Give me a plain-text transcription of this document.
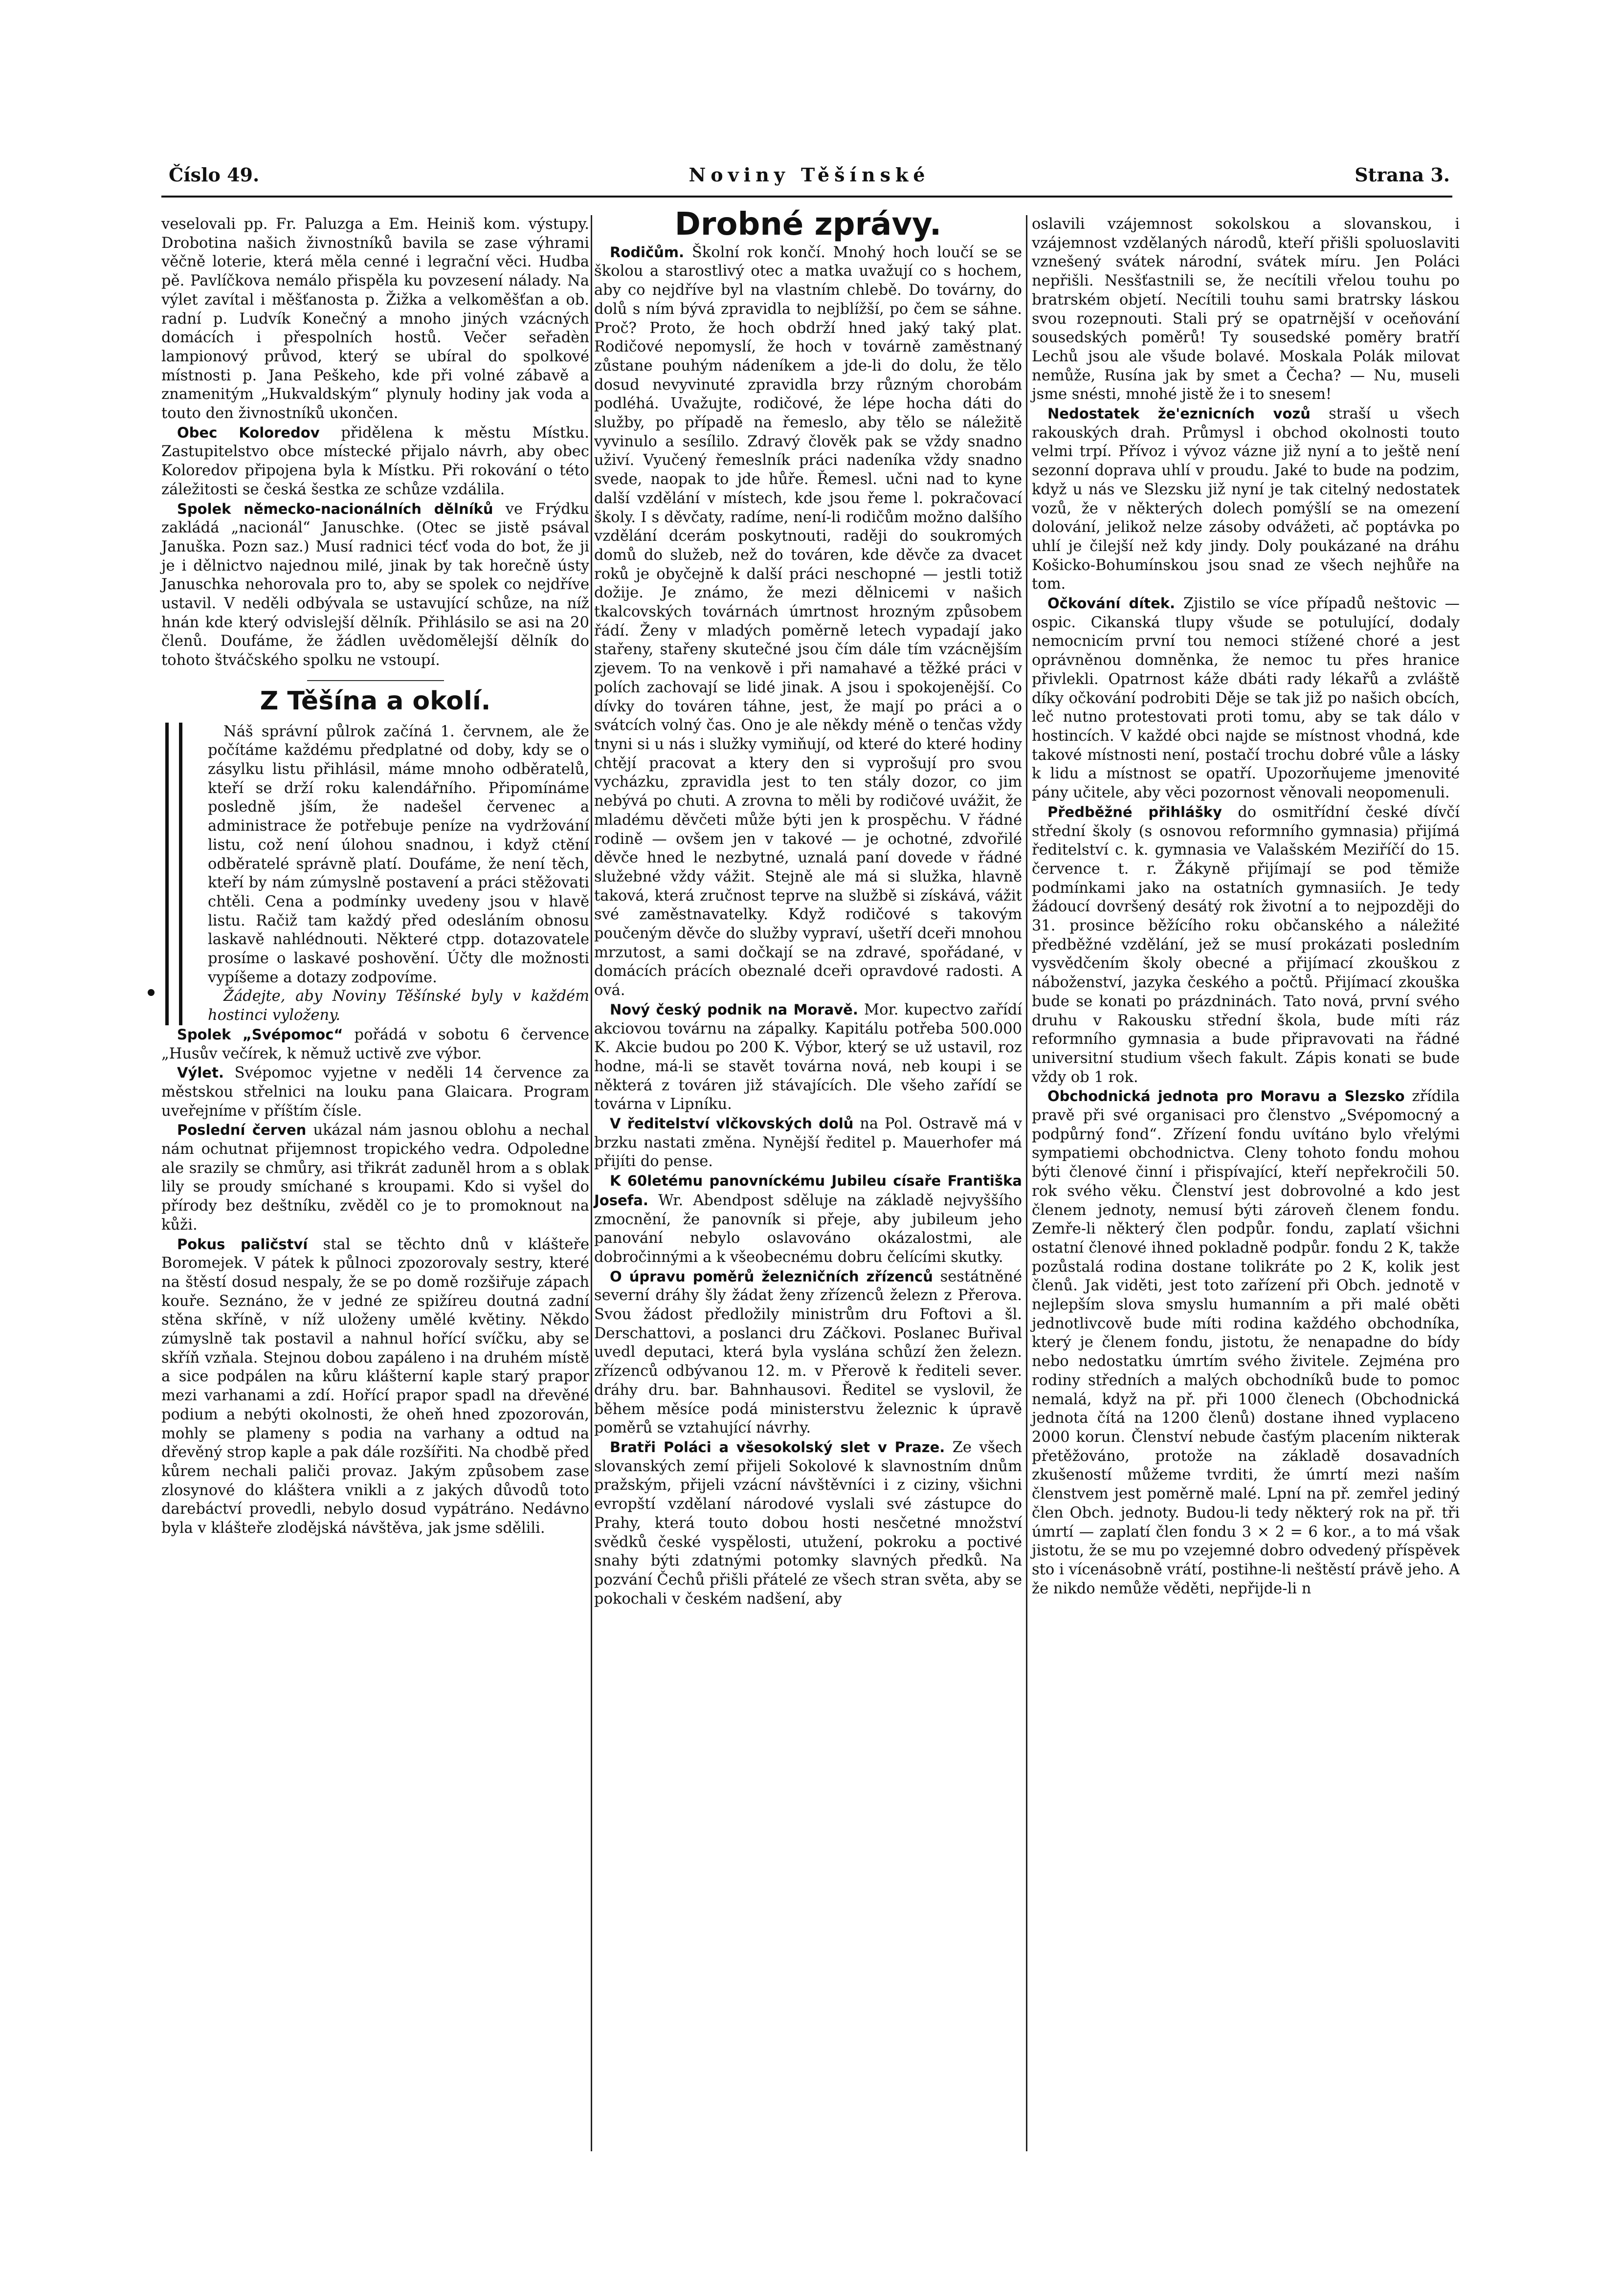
Číslo 49.	Noviny Těšínské	Strana 3.

veselovali pp. Fr. Paluzga a Em. Heiniš kom. výstupy. Drobotina našich živnostníků bavila se zase výhrami věčně loterie, která měla cenné i legrační věci. Hudba pě. Pavlíčkova nemálo přispěla ku povzesení nálady. Na výlet zavítal i měšťanosta p. Žižka a velkoměšťan a ob. radní p. Ludvík Konečný a mnoho jiných vzácných domácích i přespolních hostů. Večer seřadèn lampionový průvod, který se ubíral do spolkové místnosti p. Jana Peškeho, kde při volné zábavě a znamenitým „Hukvaldským“ plynuly hodiny jak voda a touto den živnostníků ukončen.

Obec Koloredov přidělena k městu Místku. Zastupitelstvo obce místecké přijalo návrh, aby obec Koloredov připojena byla k Místku. Při rokování o této záležitosti se česká šestka ze schůze vzdálila.

Spolek německo-nacionálních dělníků ve Frýdku zakládá „nacionál“ Januschke. (Otec se jistě psával Januška. Pozn saz.) Musí radnici técť voda do bot, že ji je i dělnictvo najednou milé, jinak by tak horečně ústy Januschka nehorovala pro to, aby se spolek co nejdříve ustavil. V neděli odbývala se ustavující schůze, na níž hnán kde který odvislejší dělník. Přihlásilo se asi na 20 členů. Doufáme, že žádlen uvědomělejší dělník do tohoto štváčského spolku ne vstoupí.

Z Těšína a okolí.

Náš správní půlrok začíná 1. červnem, ale že počítáme každému předplatné od doby, kdy se o zásylku listu přihlásil, máme mnoho odběratelů, kteří se drží roku kalendářního. Připomínáme posledně jším, že nadešel červenec a administrace že potřebuje peníze na vydržování listu, což není úlohou snadnou, i když ctění odběratelé správně platí. Doufáme, že není těch, kteří by nám zúmyslně postavení a práci stěžovati chtěli. Cena a podmínky uvedeny jsou v hlavě listu. Račiž tam každý před odesláním obnosu laskavě nahlédnouti. Některé ctpp. dotazovatele prosíme o laskavé poshovění. Účty dle možnosti vypíšeme a dotazy zodpovíme.

Žádejte, aby Noviny Těšínské byly v každém hostinci vyloženy.

Spolek „Svépomoc“ pořádá v sobotu 6 července „Husův večírek, k němuž uctivě zve výbor.

Výlet. Svépomoc vyjetne v neděli 14 července za městskou střelnici na louku pana Glaicara. Program uveřejníme v příštím čísle.

Poslední červen ukázal nám jasnou oblohu a nechal nám ochutnat přijemnost tropického vedra. Odpoledne ale srazily se chmůry, asi třikrát zaduněl hrom a s oblak lily se proudy smíchané s kroupami. Kdo si vyšel do přírody bez deštníku, zvěděl co je to promoknout na kůži.

Pokus paličství stal se těchto dnů v klášteře Boromejek. V pátek k půlnoci zpozorovaly sestry, které na štěstí dosud nespaly, že se po domě rozšiřuje zápach kouře. Seznáno, že v jedné ze spižíreu doutná zadní stěna skříně, v níž uloženy umělé květiny. Někdo zúmyslně tak postavil a nahnul hořící svíčku, aby se skříň vzňala. Stejnou dobou zapáleno i na druhém místě a sice podpálen na kůru klášterní kaple starý prapor mezi varhanami a zdí. Hořící prapor spadl na dřevěné podium a nebýti okolnosti, že oheň hned zpozorován, mohly se plameny s podia na varhany a odtud na dřevěný strop kaple a pak dále rozšířiti. Na chodbě před kůrem nechali paliči provaz. Jakým způsobem zase zlosynové do kláštera vnikli a z jakých důvodů toto darebáctví provedli, nebylo dosud vypátráno. Nedávno byla v klášteře zlodějská návštěva, jak jsme sdělili.

Drobné zprávy.

Rodičům. Školní rok končí. Mnohý hoch loučí se se školou a starostlivý otec a matka uvažují co s hochem, aby co nejdříve byl na vlastním chlebě. Do továrny, do dolů s ním bývá zpravidla to nejblížší, po čem se sáhne. Proč? Proto, že hoch obdrží hned jaký taký plat. Rodičové nepomyslí, že hoch v továrně zaměstnaný zůstane pouhým nádeníkem a jde-li do dolu, že tělo dosud nevyvinuté zpravidla brzy různým chorobám podléhá. Uvažujte, rodičové, že lépe hocha dáti do služby, po případě na řemeslo, aby tělo se náležitě vyvinulo a sesílilo. Zdravý člověk pak se vždy snadno uživí. Vyučený řemeslník práci nadeníka vždy snadno svede, naopak to jde hůře. Řemesl. učni nad to kyne další vzdělání v místech, kde jsou řeme l. pokračovací školy. I s děvčaty, radíme, není-li rodičům možno dalšího vzdělání dcerám poskytnouti, raději do soukromých domů do služeb, než do továren, kde děvče za dvacet roků je obyčejně k další práci neschopné — jestli totiž dožije. Je známo, že mezi dělnicemi v našich tkalcovských továrnách úmrtnost hrozným způsobem řádí. Ženy v mladých poměrně letech vypadají jako stařeny, stařeny skutečné jsou čím dále tím vzácnějším zjevem. To na venkově i při namahavé a těžké práci v polích zachovají se lidé jinak. A jsou i spokojenější. Co dívky do továren táhne, jest, že mají po práci a o svátcích volný čas. Ono je ale někdy méně o tenčas vždy tnyni si u nás i služky vymiňují, od které do které hodiny chtějí pracovat a ktery den si vyprošují pro svou vycházku, zpravidla jest to ten stály dozor, co jim nebývá po chuti. A zrovna to měli by rodičové uvážit, že mladému děvčeti může býti jen k prospěchu. V řádné rodině — ovšem jen v takové — je ochotné, zdvořilé děvče hned le nezbytné, uznalá paní dovede v řádné služebné vždy vážit. Stejně ale má si služka, hlavně taková, která zručnost teprve na službě si získává, vážit své zaměstnavatelky. Když rodičové s takovým poučeným děvče do služby vypraví, ušetří dceři mnohou mrzutost, a sami dočkají se na zdravé, spořádané, v domácích prácích obeznalé dceři opravdové radosti. A ová.

Nový český podnik na Moravě. Mor. kupectvo zařídí akciovou továrnu na zápalky. Kapitálu potřeba 500.000 K. Akcie budou po 200 K. Výbor, který se už ustavil, roz hodne, má-li se stavět továrna nová, neb koupi i se některá z továren již stávajících. Dle všeho zařídí se továrna v Lipníku.

V ředitelství vlčkovských dolů na Pol. Ostravě má v brzku nastati změna. Nynější ředitel p. Mauerhofer má přijíti do pense.

K 60letému panovníckému Jubileu císaře Františka Josefa. Wr. Abendpost sděluje na základě nejvyššího zmocnění, že panovník si přeje, aby jubileum jeho panování nebylo oslavováno okázalostmi, ale dobročinnými a k všeobecnému dobru čelícími skutky.

O úpravu poměrů železničních zřízenců sestátněné severní dráhy šly žádat ženy zřízenců železn z Přerova. Svou žádost předložily ministrům dru Foftovi a šl. Derschattovi, a poslanci dru Záčkovi. Poslanec Buřival uvedl deputaci, která byla vyslána schůzí žen železn. zřízenců odbývanou 12. m. v Přerově k řediteli sever. dráhy dru. bar. Bahnhausovi. Ředitel se vyslovil, že během měsíce podá ministerstvu železnic k úpravě poměrů se vztahující návrhy.

Bratři Poláci a všesokolský slet v Praze. Ze všech slovanských zemí přijeli Sokolové k slavnostním dnům pražským, přijeli vzácní návštěvníci i z ciziny, všichni evropští vzdělaní národové vyslali své zástupce do Prahy, která touto dobou hosti nesčetné množství svědků české vyspělosti, utužení, pokroku a poctivé snahy býti zdatnými potomky slavných předků. Na pozvání Čechů přišli přátelé ze všech stran světa, aby se pokochali v českém nadšení, aby

oslavili vzájemnost sokolskou a slovanskou, i vzájemnost vzdělaných národů, kteří přišli spoluoslaviti vznešený svátek národní, svátek míru. Jen Poláci nepřišli. Nesšťastnili se, že necítili vřelou touhu po bratrském objetí. Necítili touhu sami bratrsky láskou svou rozepnouti. Stali prý se opatrnější v oceňování sousedských poměrů! Ty sousedské poměry bratří Lechů jsou ale všude bolavé. Moskala Polák milovat nemůže, Rusína jak by smet a Čecha? — Nu, museli jsme snésti, mnohé jistě že i to snesem!

Nedostatek že'eznicních vozů straší u všech rakouských drah. Průmysl i obchod okolnosti touto velmi trpí. Přívoz i vývoz vázne již nyní a to ještě není sezonní doprava uhlí v proudu. Jaké to bude na podzim, když u nás ve Slezsku již nyní je tak citelný nedostatek vozů, že v některých dolech pomýšlí se na omezení dolování, jelikož nelze zásoby odvážeti, ač poptávka po uhlí je čilejší než kdy jindy. Doly poukázané na dráhu Košicko-Bohumínskou jsou snad ze všech nejhůře na tom.

Očkování dítek. Zjistilo se více případů neštovic — ospic. Cikanská tlupy všude se potulující, dodaly nemocnicím první tou nemoci stížené choré a jest oprávněnou domněnka, že nemoc tu přes hranice přivlekli. Opatrnost káže dbáti rady lékařů a zvláště díky očkování podrobiti Děje se tak již po našich obcích, leč nutno protestovati proti tomu, aby se tak dálo v hostincích. V každé obci najde se místnost vhodná, kde takové místnosti není, postačí trochu dobré vůle a lásky k lidu a místnost se opatří. Upozorňujeme jmenovité pány učitele, aby věci pozornost věnovali neopomenuli.

Předběžné přihlášky do osmitřídní české dívčí střední školy (s osnovou reformního gymnasia) přijímá ředitelství c. k. gymnasia ve Valašském Meziříčí do 15. července t. r. Žákyně přijímají se pod těmiže podmínkami jako na ostatních gymnasiích. Je tedy žádoucí dovršený desátý rok životní a to nejpozději do 31. prosince běžícího roku občanského a náležité předběžné vzdělání, jež se musí prokázati posledním vysvědčením školy obecné a přijímací zkouškou z náboženství, jazyka českého a počtů. Přijímací zkouška bude se konati po prázdninách. Tato nová, první svého druhu v Rakousku střední škola, bude míti ráz reformního gymnasia a bude připravovati na řádné universitní studium všech fakult. Zápis konati se bude vždy ob 1 rok.

Obchodnická jednota pro Moravu a Slezsko zřídila pravě při své organisaci pro členstvo „Svépomocný a podpůrný fond“. Zřízení fondu uvítáno bylo vřelými sympatiemi obchodnictva. Cleny tohoto fondu mohou býti členové činní i přispívající, kteří nepřekročili 50. rok svého věku. Členství jest dobrovolné a kdo jest členem jednoty, nemusí býti zároveň členem fondu. Zemře-li některý člen podpůr. fondu, zaplatí všichni ostatní členové ihned pokladně podpůr. fondu 2 K, takže pozůstalá rodina dostane tolikráte po 2 K, kolik jest členů. Jak viděti, jest toto zařízení při Obch. jednotě v nejlepším slova smyslu humanním a při malé oběti jednotlivcově bude míti rodina každého obchodníka, který je členem fondu, jistotu, že nenapadne do bídy nebo nedostatku úmrtím svého živitele. Zejména pro rodiny středních a malých obchodníků bude to pomoc nemalá, když na př. při 1000 členech (Obchodnická jednota čítá na 1200 členů) dostane ihned vyplaceno 2000 korun. Členství nebude časťým placením nikterak přetěžováno, protože na základě dosavadních zkušeností můžeme tvrditi, že úmrtí mezi naším členstvem jest poměrně malé. Lpní na př. zemřel jediný člen Obch. jednoty. Budou-li tedy některý rok na př. tři úmrtí — zaplatí člen fondu 3 × 2 = 6 kor., a to má však jistotu, že se mu po vzejemné dobro odvedený příspěvek sto i vícenásobně vrátí, postihne-li neštěstí právě jeho. A že nikdo nemůže věděti, nepřijde-li n
